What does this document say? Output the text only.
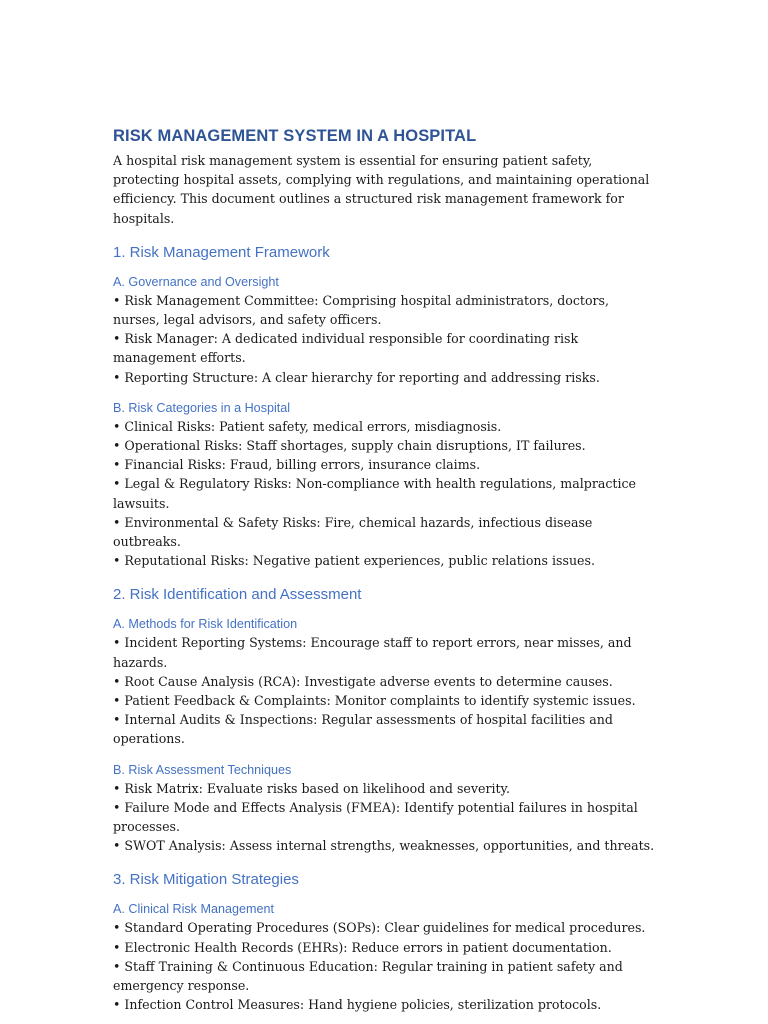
RISK MANAGEMENT SYSTEM IN A HOSPITAL

A hospital risk management system is essential for ensuring patient safety, protecting hospital assets, complying with regulations, and maintaining operational efficiency. This document outlines a structured risk management framework for hospitals.

1. Risk Management Framework
A. Governance and Oversight
• Risk Management Committee: Comprising hospital administrators, doctors, nurses, legal advisors, and safety officers.
• Risk Manager: A dedicated individual responsible for coordinating risk management efforts.
• Reporting Structure: A clear hierarchy for reporting and addressing risks.
B. Risk Categories in a Hospital
• Clinical Risks: Patient safety, medical errors, misdiagnosis.
• Operational Risks: Staff shortages, supply chain disruptions, IT failures.
• Financial Risks: Fraud, billing errors, insurance claims.
• Legal & Regulatory Risks: Non-compliance with health regulations, malpractice lawsuits.
• Environmental & Safety Risks: Fire, chemical hazards, infectious disease outbreaks.
• Reputational Risks: Negative patient experiences, public relations issues.
2. Risk Identification and Assessment
A. Methods for Risk Identification
• Incident Reporting Systems: Encourage staff to report errors, near misses, and hazards.
• Root Cause Analysis (RCA): Investigate adverse events to determine causes.
• Patient Feedback & Complaints: Monitor complaints to identify systemic issues.
• Internal Audits & Inspections: Regular assessments of hospital facilities and operations.
B. Risk Assessment Techniques
• Risk Matrix: Evaluate risks based on likelihood and severity.
• Failure Mode and Effects Analysis (FMEA): Identify potential failures in hospital processes.
• SWOT Analysis: Assess internal strengths, weaknesses, opportunities, and threats.
3. Risk Mitigation Strategies
A. Clinical Risk Management
• Standard Operating Procedures (SOPs): Clear guidelines for medical procedures.
• Electronic Health Records (EHRs): Reduce errors in patient documentation.
• Staff Training & Continuous Education: Regular training in patient safety and emergency response.
• Infection Control Measures: Hand hygiene policies, sterilization protocols.
